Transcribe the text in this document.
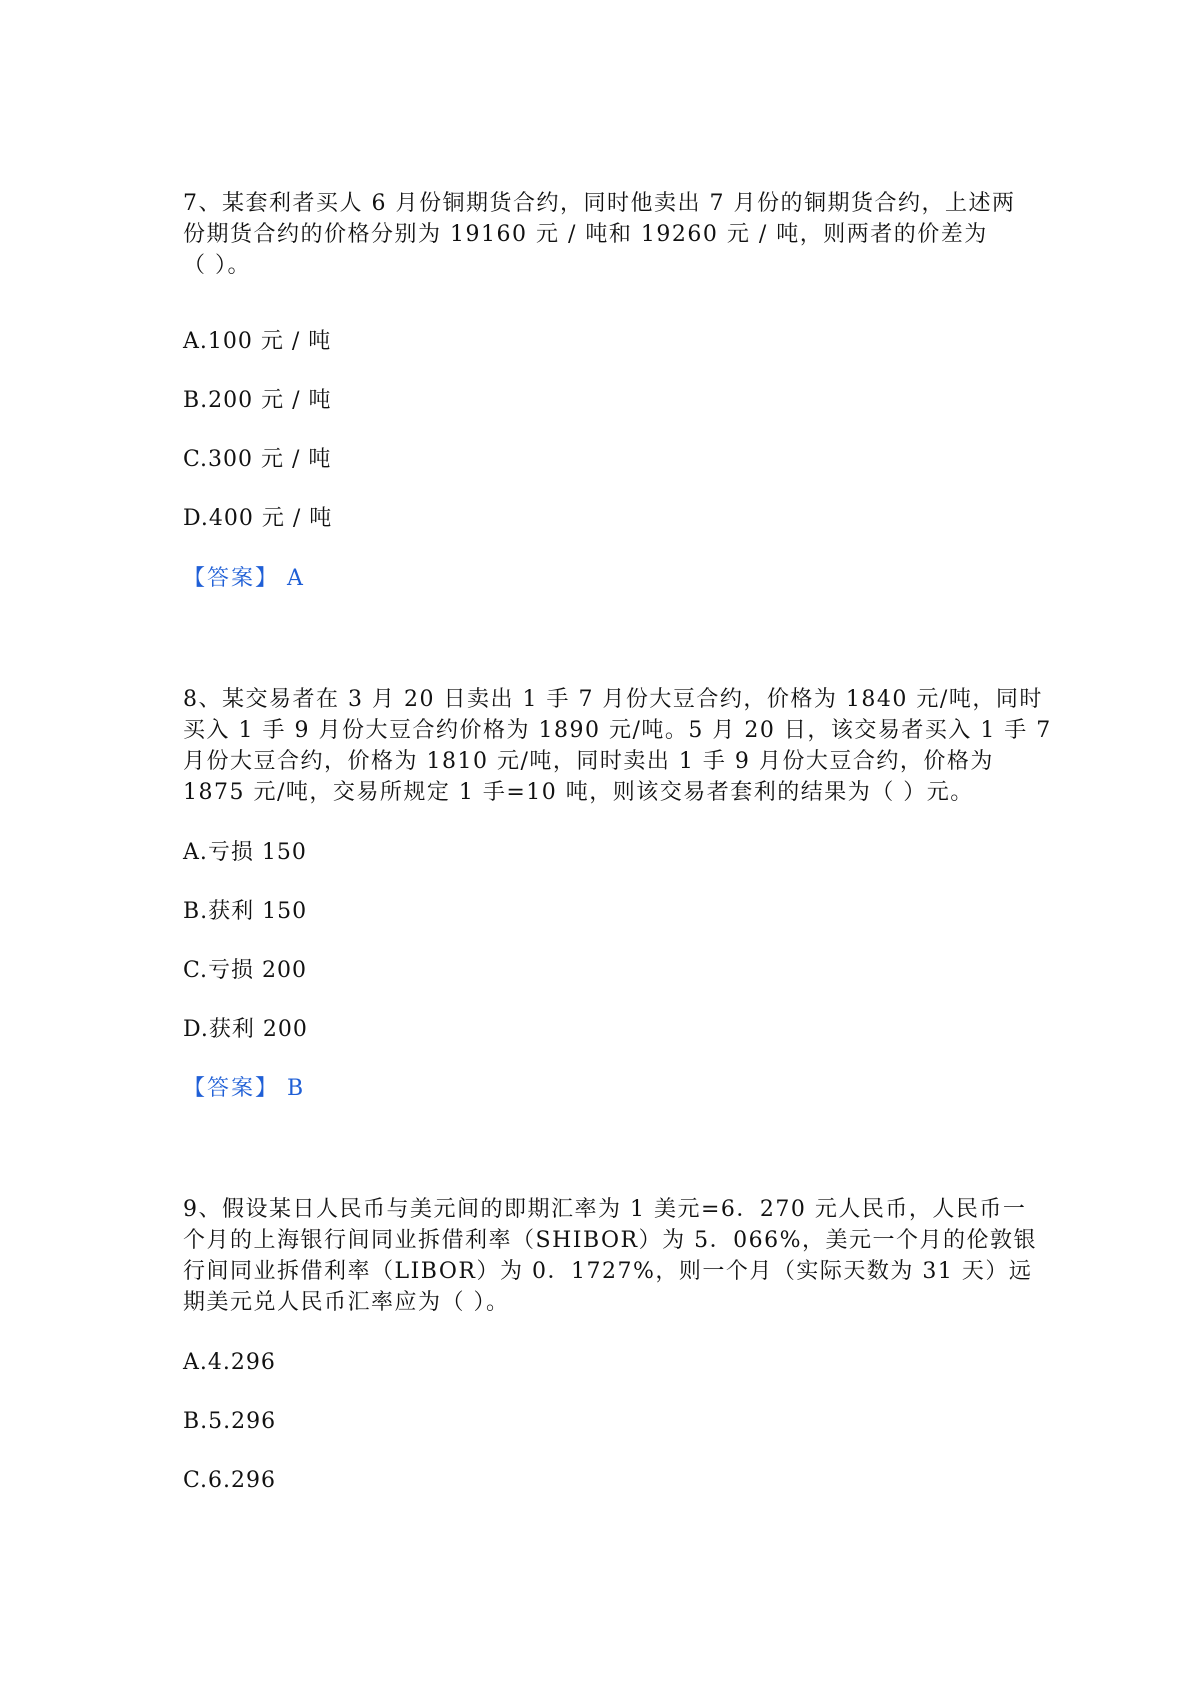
7、某套利者买人 6 月份铜期货合约，同时他卖出 7 月份的铜期货合约，上述两
份期货合约的价格分别为 19160 元 / 吨和 19260 元 / 吨，则两者的价差为
（ ）。

A.100 元 / 吨

B.200 元 / 吨

C.300 元 / 吨

D.400 元 / 吨

【答案】 A

8、某交易者在 3 月 20 日卖出 1 手 7 月份大豆合约，价格为 1840 元/吨，同时
买入 1 手 9 月份大豆合约价格为 1890 元/吨。5 月 20 日，该交易者买入 1 手 7
月份大豆合约，价格为 1810 元/吨，同时卖出 1 手 9 月份大豆合约，价格为
1875 元/吨，交易所规定 1 手=10 吨，则该交易者套利的结果为（ ）元。

A.亏损 150

B.获利 150

C.亏损 200

D.获利 200

【答案】 B

9、假设某日人民币与美元间的即期汇率为 1 美元=6．270 元人民币，人民币一
个月的上海银行间同业拆借利率（SHIBOR）为 5．066%，美元一个月的伦敦银
行间同业拆借利率（LIBOR）为 0．1727%，则一个月（实际天数为 31 天）远
期美元兑人民币汇率应为（ ）。

A.4.296

B.5.296

C.6.296
